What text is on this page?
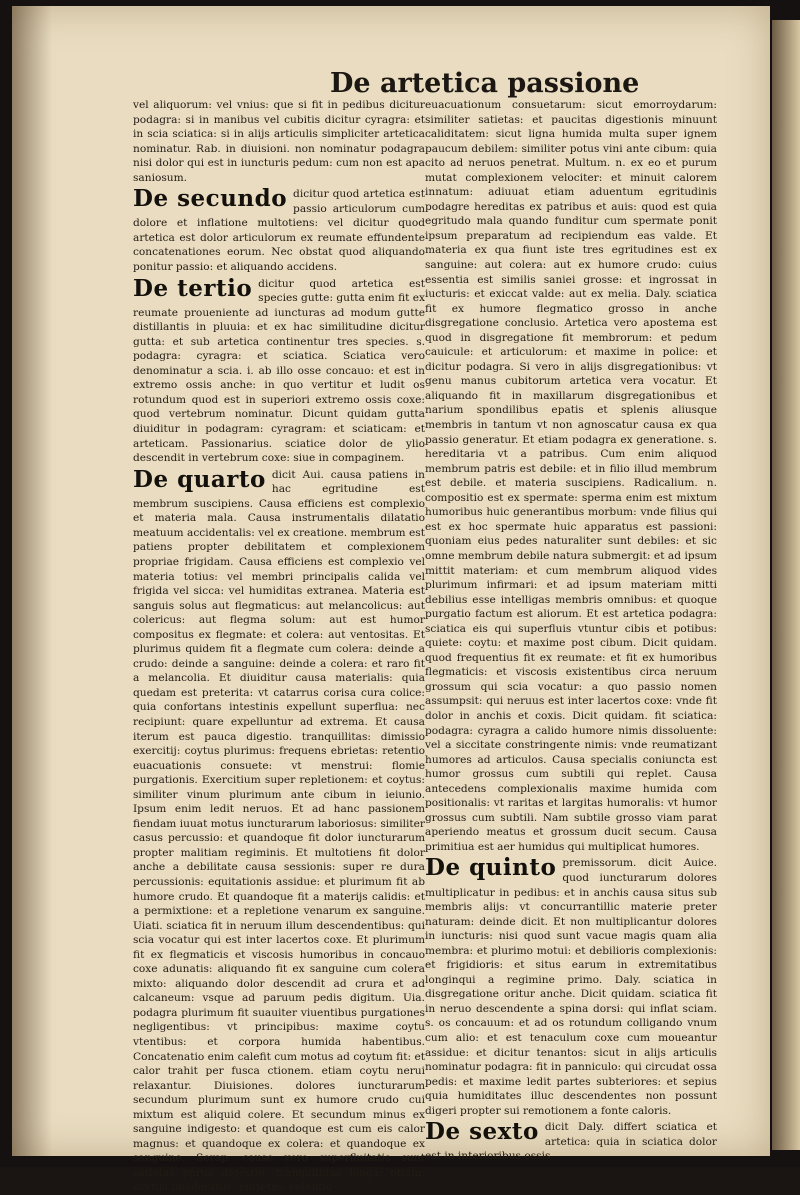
De artetica passione

vel aliquorum: vel vnius: que si fit in pedibus dicitur podagra: si in manibus vel cubitis dicitur cyragra: et in scia sciatica: si in alijs articulis simpliciter artetica nominatur. Rab. in diuisioni. non nominatur podagra nisi dolor qui est in iuncturis pedum: cum non est apa saniosum.

De secundo dicitur quod artetica est passio articulorum cum dolore et inflatione multotiens: vel dicitur quod artetica est dolor articulorum ex reumate effundente concatenationes eorum. Nec obstat quod aliquando ponitur passio: et aliquando accidens.

De tertio dicitur quod artetica est species gutte: gutta enim fit ex reumate proueniente ad iuncturas ad modum gutte distillantis in pluuia: et ex hac similitudine dicitur gutta: et sub artetica continentur tres species. s. podagra: cyragra: et sciatica. Sciatica vero denominatur a scia. i. ab illo osse concauo: et est in extremo ossis anche: in quo vertitur et ludit os rotundum quod est in superiori extremo ossis coxe: quod vertebrum nominatur. Dicunt quidam gutta diuiditur in podagram: cyragram: et sciaticam: et arteticam. Passionarius. sciatice dolor de ylio descendit in vertebrum coxe: siue in compaginem.

De quarto dicit Aui. causa patiens in hac egritudine est membrum suscipiens. Causa efficiens est complexio et materia mala. Causa instrumentalis dilatatio meatuum accidentalis: vel ex creatione. membrum est patiens propter debilitatem et complexionem propriae frigidam. Causa efficiens est complexio vel materia totius: vel membri principalis calida vel frigida vel sicca: vel humiditas extranea. Materia est sanguis solus aut flegmaticus: aut melancolicus: aut colericus: aut flegma solum: aut est humor compositus ex flegmate: et colera: aut ventositas. Et plurimus quidem fit a flegmate cum colera: deinde a crudo: deinde a sanguine: deinde a colera: et raro fit a melancolia. Et diuiditur causa materialis: quia quedam est preterita: vt catarrus corisa cura colice: quia confortans intestinis expellunt superflua: nec recipiunt: quare expelluntur ad extrema. Et causa iterum est pauca digestio. tranquillitas: dimissio exercitij: coytus plurimus: frequens ebrietas: retentio euacuationis consuete: vt menstrui: flomie purgationis. Exercitium super repletionem: et coytus: similiter vinum plurimum ante cibum in ieiunio. Ipsum enim ledit neruos. Et ad hanc passionem fiendam iuuat motus iuncturarum laboriosus: similiter casus percussio: et quandoque fit dolor iuncturarum propter malitiam regiminis. Et multotiens fit dolor anche a debilitate causa sessionis: super re dura percussionis: equitationis assidue: et plurimum fit ab humore crudo. Et quandoque fit a materijs calidis: et a permixtione: et a repletione venarum ex sanguine. Uiati. sciatica fit in neruum illum descendentibus: qui scia vocatur qui est inter lacertos coxe. Et plurimum fit ex flegmaticis et viscosis humoribus in concauo coxe adunatis: aliquando fit ex sanguine cum colera mixto: aliquando dolor descendit ad crura et ad calcaneum: vsque ad paruum pedis digitum. Uia. podagra plurimum fit suauiter viuentibus purgationes negligentibus: vt principibus: maxime coytu vtentibus: et corpora humida habentibus. Concatenatio enim calefit cum motus ad coytum fit: et calor trahit per fusca ctionem. etiam coytu nerui relaxantur. Diuisiones. dolores iuncturarum secundum plurimum sunt ex humore crudo cui mixtum est aliquid colere. Et secundum minus ex sanguine indigesto: et quandoque est cum eis calor magnus: et quandoque ex colera: et quandoque ex sanguine. Serap. cause vero superfluitatis sunt satietas parua digestio: tranquillitas longa: otium: coytus imoderatus: ebrietas: retentio

euacuationum consuetarum: sicut emorroydarum: similiter satietas: et paucitas digestionis minuunt caliditatem: sicut ligna humida multa super ignem paucum debilem: similiter potus vini ante cibum: quia cito ad neruos penetrat. Multum. n. ex eo et purum mutat complexionem velociter: et minuit calorem innatum: adiuuat etiam aduentum egritudinis podagre hereditas ex patribus et auis: quod est quia egritudo mala quando funditur cum spermate ponit ipsum preparatum ad recipiendum eas valde. Et materia ex qua fiunt iste tres egritudines est ex sanguine: aut colera: aut ex humore crudo: cuius essentia est similis saniei grosse: et ingrossat in iucturis: et exiccat valde: aut ex melia. Daly. sciatica fit ex humore flegmatico grosso in anche disgregatione conclusio. Artetica vero apostema est quod in disgregatione fit membrorum: et pedum cauicule: et articulorum: et maxime in police: et dicitur podagra. Si vero in alijs disgregationibus: vt genu manus cubitorum artetica vera vocatur. Et aliquando fit in maxillarum disgregationibus et narium spondilibus epatis et splenis aliusque membris in tantum vt non agnoscatur causa ex qua passio generatur. Et etiam podagra ex generatione. s. hereditaria vt a patribus. Cum enim aliquod membrum patris est debile: et in filio illud membrum est debile. et materia suscipiens. Radicalium. n. compositio est ex spermate: sperma enim est mixtum humoribus huic generantibus morbum: vnde filius qui est ex hoc spermate huic apparatus est passioni: quoniam eius pedes naturaliter sunt debiles: et sic omne membrum debile natura submergit: et ad ipsum mittit materiam: et cum membrum aliquod vides plurimum infirmari: et ad ipsum materiam mitti debilius esse intelligas membris omnibus: et quoque purgatio factum est aliorum. Et est artetica podagra: sciatica eis qui superfluis vtuntur cibis et potibus: quiete: coytu: et maxime post cibum. Dicit quidam. quod frequentius fit ex reumate: et fit ex humoribus flegmaticis: et viscosis existentibus circa neruum grossum qui scia vocatur: a quo passio nomen assumpsit: qui neruus est inter lacertos coxe: vnde fit dolor in anchis et coxis. Dicit quidam. fit sciatica: podagra: cyragra a calido humore nimis dissoluente: vel a siccitate constringente nimis: vnde reumatizant humores ad articulos. Causa specialis coniuncta est humor grossus cum subtili qui replet. Causa antecedens complexionalis maxime humida com positionalis: vt raritas et largitas humoralis: vt humor grossus cum subtili. Nam subtile grosso viam parat aperiendo meatus et grossum ducit secum. Causa primitiua est aer humidus qui multiplicat humores.

De quinto premissorum. dicit Auice. quod iuncturarum dolores multiplicatur in pedibus: et in anchis causa situs sub membris alijs: vt concurrantillic materie preter naturam: deinde dicit. Et non multiplicantur dolores in iuncturis: nisi quod sunt vacue magis quam alia membra: et plurimo motui: et debilioris complexionis: et frigidioris: et situs earum in extremitatibus longinqui a regimine primo. Daly. sciatica in disgregatione oritur anche. Dicit quidam. sciatica fit in neruo descendente a spina dorsi: qui inflat sciam. s. os concauum: et ad os rotundum colligando vnum cum alio: et est tenaculum coxe cum moueantur assidue: et dicitur tenantos: sicut in alijs articulis nominatur podagra: fit in panniculo: qui circudat ossa pedis: et maxime ledit partes subteriores: et sepius quia humiditates illuc descendentes non possunt digeri propter sui remotionem a fonte caloris.

De sexto dicit Daly. differt sciatica et artetica: quia in sciatica dolor est in interioribus ossis
